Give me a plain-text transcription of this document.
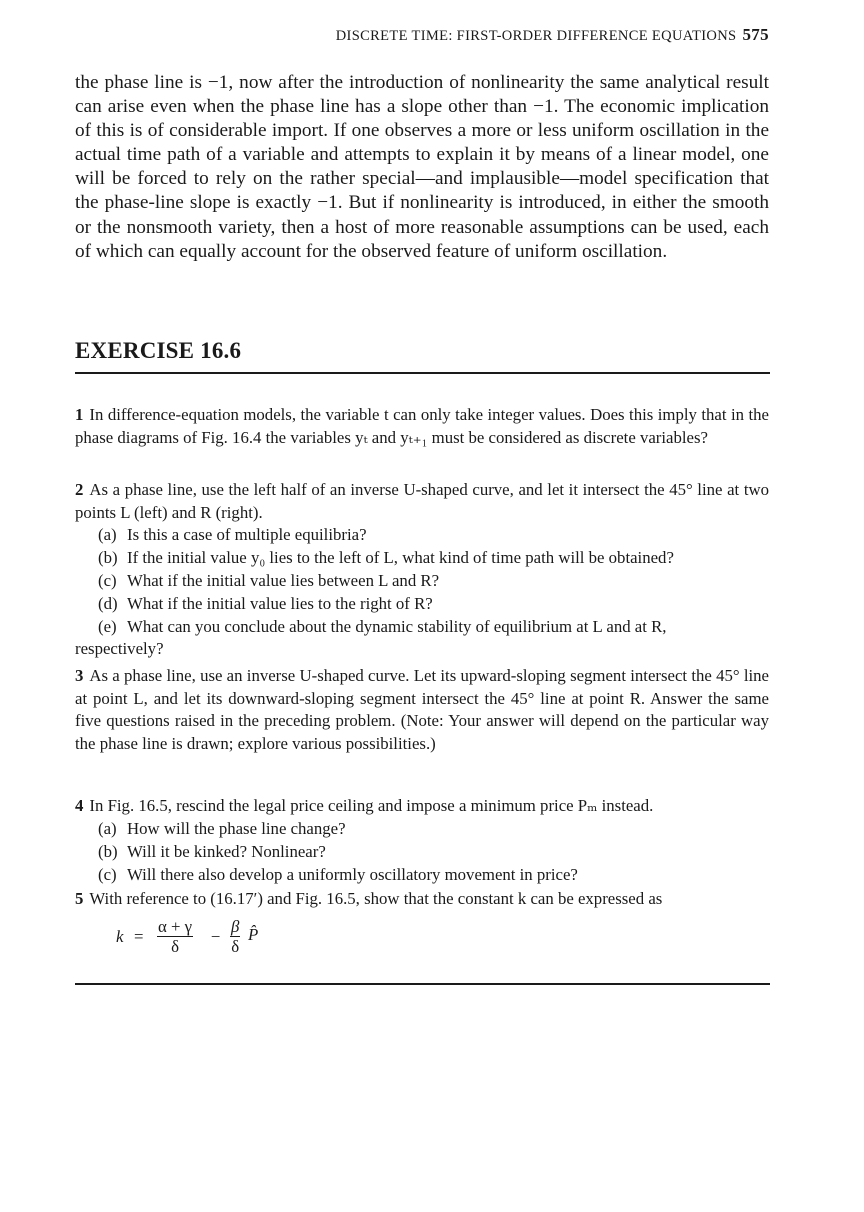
DISCRETE TIME: FIRST-ORDER DIFFERENCE EQUATIONS 575

the phase line is −1, now after the introduction of nonlinearity the same analytical result can arise even when the phase line has a slope other than −1. The economic implication of this is of considerable import. If one observes a more or less uniform oscillation in the actual time path of a variable and attempts to explain it by means of a linear model, one will be forced to rely on the rather special—and implausible—model specification that the phase-line slope is exactly −1. But if nonlinearity is introduced, in either the smooth or the nonsmooth variety, then a host of more reasonable assumptions can be used, each of which can equally account for the observed feature of uniform oscillation.

EXERCISE 16.6

1 In difference-equation models, the variable t can only take integer values. Does this imply that in the phase diagrams of Fig. 16.4 the variables yₜ and yₜ₊₁ must be considered as discrete variables?

2 As a phase line, use the left half of an inverse U-shaped curve, and let it intersect the 45° line at two points L (left) and R (right).

(a) Is this a case of multiple equilibria?

(b) If the initial value y₀ lies to the left of L, what kind of time path will be obtained?

(c) What if the initial value lies between L and R?

(d) What if the initial value lies to the right of R?

(e) What can you conclude about the dynamic stability of equilibrium at L and at R,

respectively?

3 As a phase line, use an inverse U-shaped curve. Let its upward-sloping segment intersect the 45° line at point L, and let its downward-sloping segment intersect the 45° line at point R. Answer the same five questions raised in the preceding problem. (Note: Your answer will depend on the particular way the phase line is drawn; explore various possibilities.)

4 In Fig. 16.5, rescind the legal price ceiling and impose a minimum price Pₘ instead.

(a) How will the phase line change?

(b) Will it be kinked? Nonlinear?

(c) Will there also develop a uniformly oscillatory movement in price?

5 With reference to (16.17′) and Fig. 16.5, show that the constant k can be expressed as

$k = \frac{\alpha + \gamma}{\delta} - \frac{\beta}{\delta}$ P̂
